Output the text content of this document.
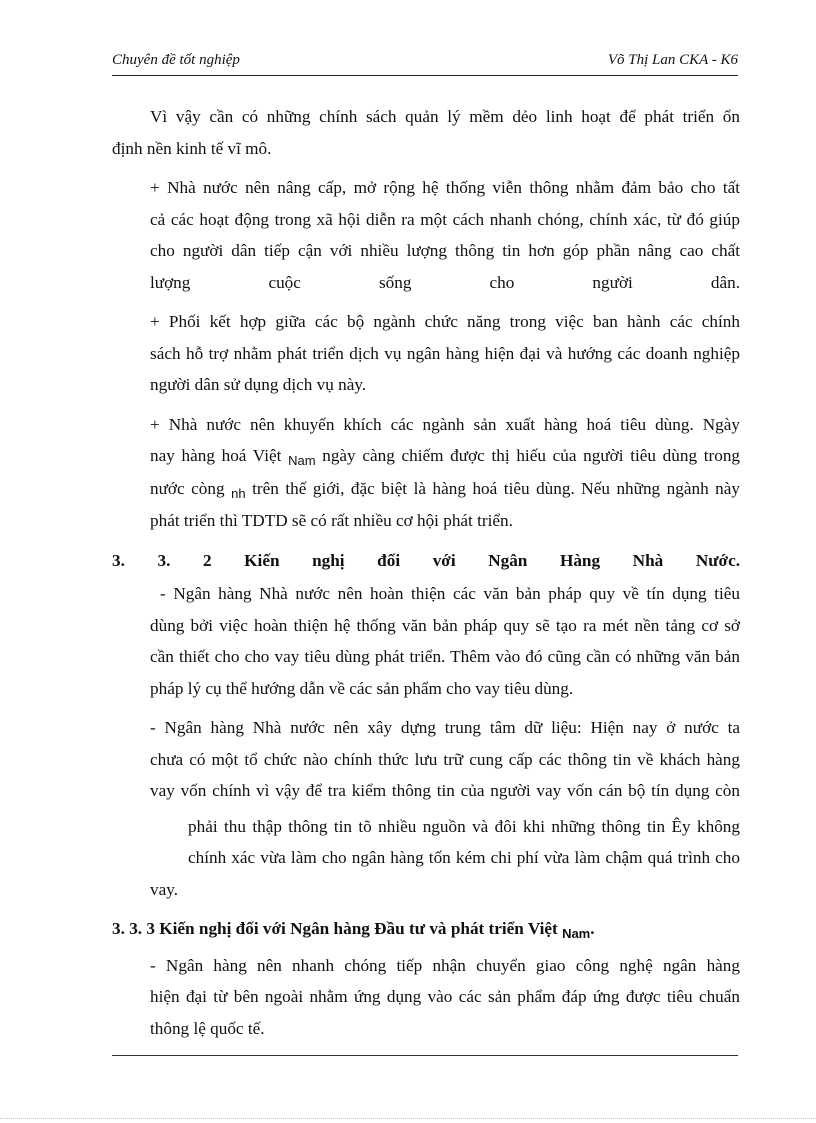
Chuyên đề tốt nghiệp	Võ Thị Lan CKA - K6
Vì vậy cần có những chính sách quản lý mềm dẻo linh hoạt để phát triển ổn
định nền kinh tế vĩ mô.
+ Nhà nước nên nâng cấp, mở rộng hệ thống viễn thông nhằm đảm bảo cho tất
cả các hoạt động trong xã hội diễn ra một cách nhanh chóng, chính xác, từ đó giúp
cho người dân tiếp cận với nhiều lượng thông tin hơn góp phần nâng cao chất
lượng cuộc sống cho người dân.
+ Phối kết hợp giữa các bộ ngành chức năng trong việc ban hành các chính
sách hỗ trợ nhằm phát triển dịch vụ ngân hàng hiện đại và hướng các doanh nghiệp
người dân sử dụng dịch vụ này.
+ Nhà nước nên khuyến khích các ngành sản xuất hàng hoá tiêu dùng. Ngày
nay hàng hoá Việt $_{Nam}$ ngày càng chiếm được thị hiếu của người tiêu dùng trong
nước còng $_{nh}$ trên thế giới, đặc biệt là hàng hoá tiêu dùng. Nếu những ngành này
phát triển thì TDTD sẽ có rất nhiều cơ hội phát triển.
3. 3. 2 Kiến nghị đối với Ngân Hàng Nhà Nước.
- Ngân hàng Nhà nước nên hoàn thiện các văn bản pháp quy về tín dụng tiêu
dùng bởi việc hoàn thiện hệ thống văn bản pháp quy sẽ tạo ra mét nền tảng cơ sở
cần thiết cho cho vay tiêu dùng phát triển. Thêm vào đó cũng cần có những văn bản
pháp lý cụ thể hướng dẫn về các sản phẩm cho vay tiêu dùng.
- Ngân hàng Nhà nước nên xây dựng trung tâm dữ liệu: Hiện nay ở nước ta
chưa có một tổ chức nào chính thức lưu trữ cung cấp các thông tin về khách hàng
vay vốn chính vì vậy để tra kiểm thông tin của người vay vốn cán bộ tín dụng còn
phải thu thập thông tin tõ nhiều nguồn và đôi khi những thông tin Êy không
chính xác vừa làm cho ngân hàng tốn kém chi phí vừa làm chậm quá trình cho vay.
3. 3. 3 Kiến nghị đối với Ngân hàng Đầu tư và phát triển Việt $_{Nam}$.
- Ngân hàng nên nhanh chóng tiếp nhận chuyển giao công nghệ ngân hàng
hiện đại từ bên ngoài nhằm ứng dụng vào các sản phẩm đáp ứng được tiêu chuẩn
thông lệ quốc tế.
